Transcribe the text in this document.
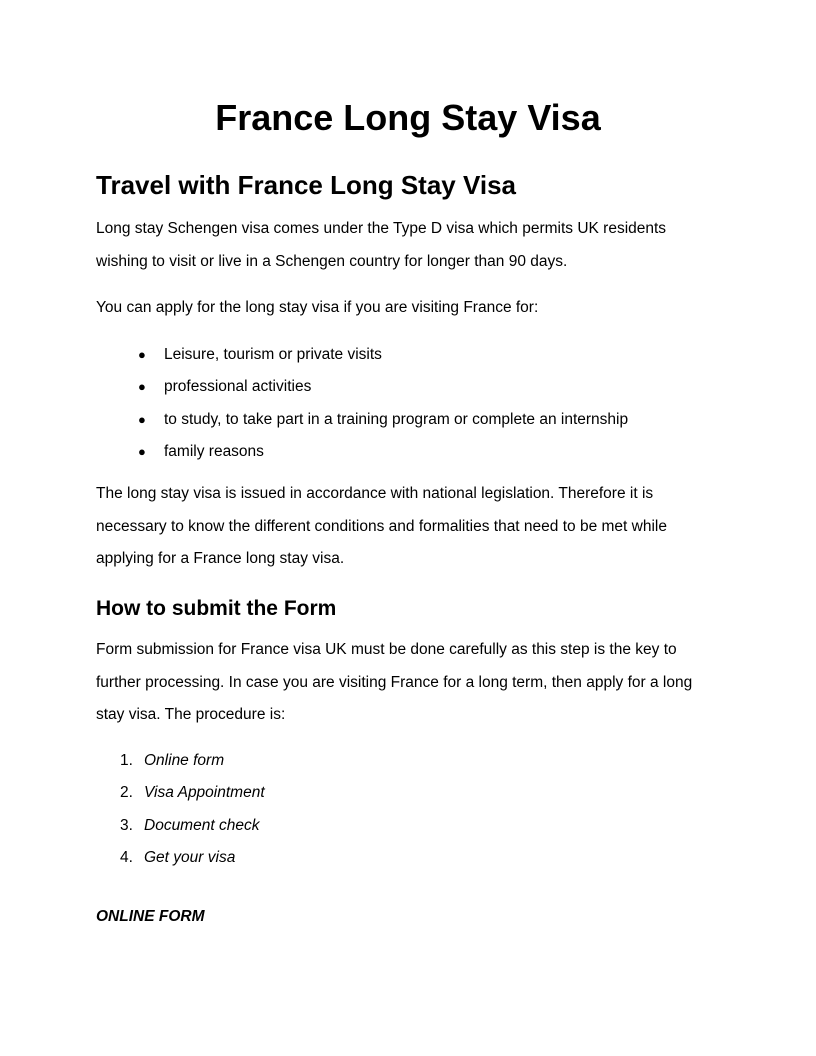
France Long Stay Visa
Travel with France Long Stay Visa

Long stay Schengen visa comes under the Type D visa which permits UK residents
wishing to visit or live in a Schengen country for longer than 90 days.

You can apply for the long stay visa if you are visiting France for:

● Leisure, tourism or private visits
● professional activities
● to study, to take part in a training program or complete an internship
● family reasons

The long stay visa is issued in accordance with national legislation. Therefore it is
necessary to know the different conditions and formalities that need to be met while
applying for a France long stay visa.

How to submit the Form

Form submission for France visa UK must be done carefully as this step is the key to
further processing. In case you are visiting France for a long term, then apply for a long
stay visa. The procedure is:

1. Online form
2. Visa Appointment
3. Document check
4. Get your visa

ONLINE FORM
